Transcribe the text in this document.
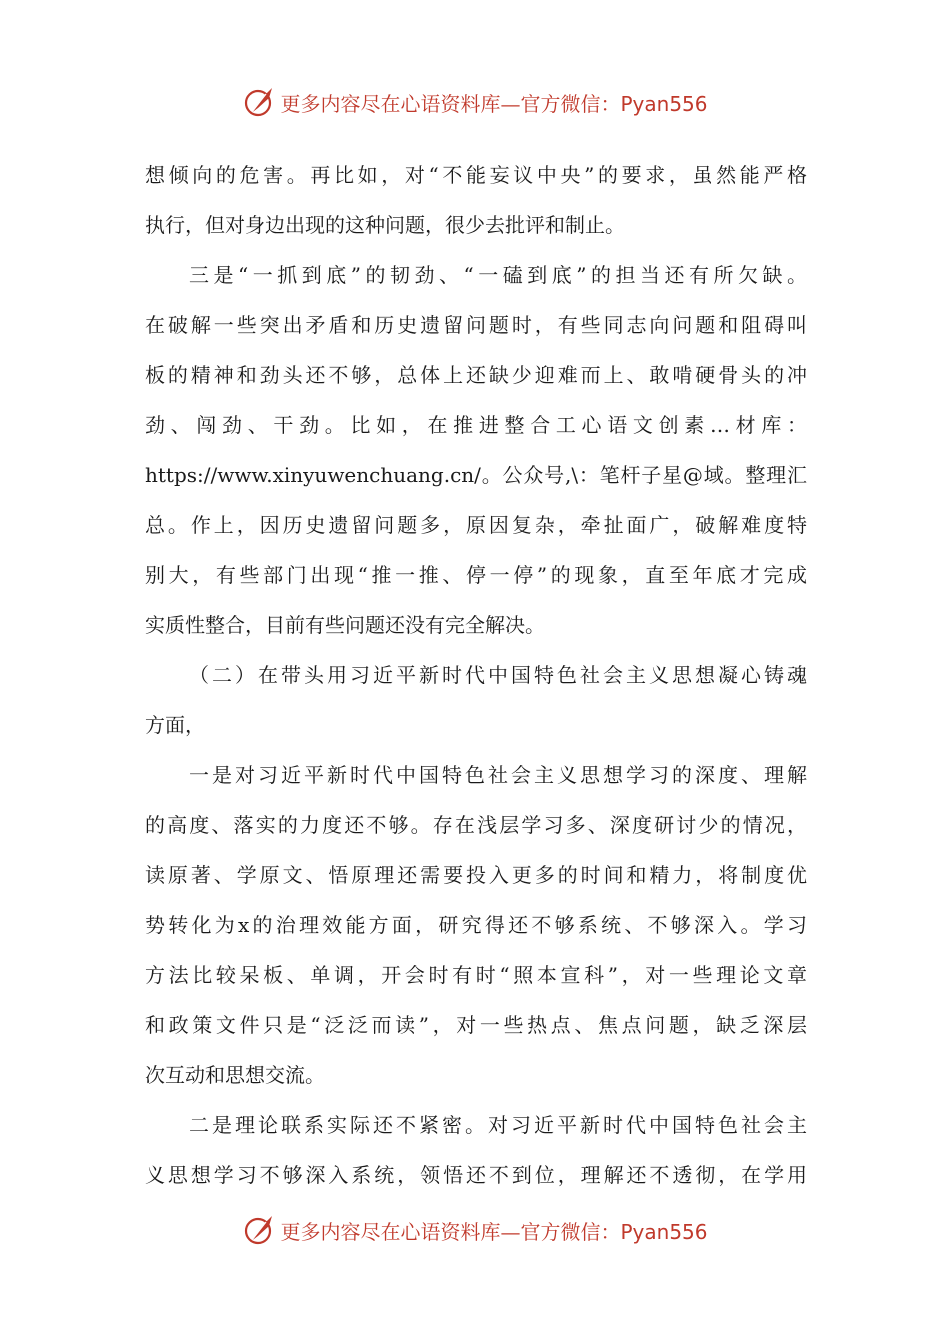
更多内容尽在心语资料库—官方微信：Pyan556
想倾向的危害。再比如，对“不能妄议中央”的要求，虽然能严格
执行，但对身边出现的这种问题，很少去批评和制止。
三是“一抓到底”的韧劲、“一磕到底”的担当还有所欠缺。
在破解一些突出矛盾和历史遗留问题时，有些同志向问题和阻碍叫
板的精神和劲头还不够，总体上还缺少迎难而上、敢啃硬骨头的冲
劲、闯劲、干劲。比如，在推进整合工心语文创素…材库：
https://www.xinyuwenchuang.cn/。公众号,\：笔杆子星@域。整理汇
总。作上，因历史遗留问题多，原因复杂，牵扯面广，破解难度特
别大，有些部门出现“推一推、停一停”的现象，直至年底才完成
实质性整合，目前有些问题还没有完全解决。
（二）在带头用习近平新时代中国特色社会主义思想凝心铸魂
方面，
一是对习近平新时代中国特色社会主义思想学习的深度、理解
的高度、落实的力度还不够。存在浅层学习多、深度研讨少的情况，
读原著、学原文、悟原理还需要投入更多的时间和精力，将制度优
势转化为x的治理效能方面，研究得还不够系统、不够深入。学习
方法比较呆板、单调，开会时有时“照本宣科”，对一些理论文章
和政策文件只是“泛泛而读”，对一些热点、焦点问题，缺乏深层
次互动和思想交流。
二是理论联系实际还不紧密。对习近平新时代中国特色社会主
义思想学习不够深入系统，领悟还不到位，理解还不透彻，在学用
更多内容尽在心语资料库—官方微信：Pyan556
